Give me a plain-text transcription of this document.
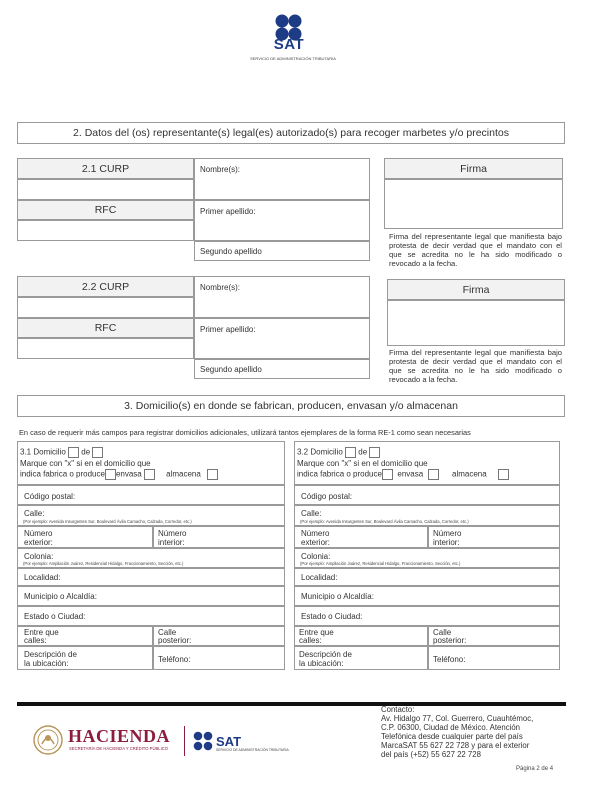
SAT
SERVICIO DE ADMINISTRACIÓN TRIBUTARIA
2. Datos del (os) representante(s) legal(es) autorizado(s) para recoger marbetes y/o precintos
2.1 CURP
RFC
Nombre(s):
Primer apellido:
Segundo apellido
Firma
Firma del representante legal que manifiesta bajo protesta de decir verdad que el mandato con el que se acredita no le ha sido modificado o revocado a la fecha.
2.2 CURP
RFC
Nombre(s):
Primer apellido:
Segundo apellido
Firma
Firma del representante legal que manifiesta bajo protesta de decir verdad que el mandato con el que se acredita no le ha sido modificado o revocado a la fecha.
3. Domicilio(s) en donde se fabrican, producen, envasan y/o almacenan
En caso de requerir más campos para registrar domicilios adicionales, utilizará tantos ejemplares de la forma RE-1 como sean necesarias
3.1 Domicilio de
Marque con "x" si en el domicilio que
indica fabrica o produce envasa	almacena
Código postal:
Calle:
(Por ejemplo: Avenida Insurgentes Sur, Boulevard Ávila Camacho, Calzada, Corredor, etc.)
Número
exterior:
Número
interior:
Colonia:
(Por ejemplo: Ampliación Juárez, Residencial Hidalgo, Fraccionamiento, Sección, etc.)
Localidad:
Municipio o Alcaldía:
Estado o Ciudad:
Entre que
calles:
Calle
posterior:
Descripción de
la ubicación:	Teléfono:
3.2 Domicilio de
Marque con "x" si en el domicilio que
indica fabrica o produce envasa	almacena
Código postal:
Calle:
(Por ejemplo: Avenida Insurgentes Sur, Boulevard Ávila Camacho, Calzada, Corredor, etc.)
Número
exterior:
Número
interior:
Colonia:
(Por ejemplo: Ampliación Juárez, Residencial Hidalgo, Fraccionamiento, Sección, etc.)
Localidad:
Municipio o Alcaldía:
Estado o Ciudad:
Entre que
calles:
Calle
posterior:
Descripción de
la ubicación:	Teléfono:
HACIENDA
SECRETARÍA DE HACIENDA Y CRÉDITO PÚBLICO	SAT
SERVICIO DE ADMINISTRACIÓN TRIBUTARIA
Contacto:
Av. Hidalgo 77, Col. Guerrero, Cuauhtémoc,
C.P. 06300, Ciudad de México. Atención
Telefónica desde cualquier parte del país
MarcaSAT 55 627 22 728 y para el exterior
del país (+52) 55 627 22 728
Página 2 de 4
